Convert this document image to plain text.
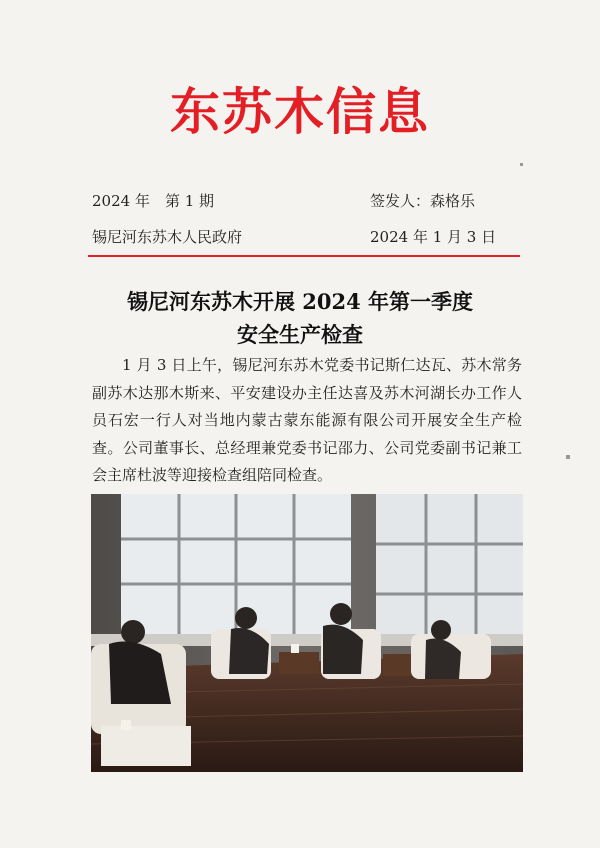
东苏木信息
2024 年　第 1 期	签发人：森格乐
锡尼河东苏木人民政府	2024 年 1 月 3 日
锡尼河东苏木开展 2024 年第一季度
安全生产检查
1 月 3 日上午，锡尼河东苏木党委书记斯仁达瓦、苏木常务副苏木达那木斯来、平安建设办主任达喜及苏木河湖长办工作人员石宏一行人对当地内蒙古蒙东能源有限公司开展安全生产检查。公司董事长、总经理兼党委书记邵力、公司党委副书记兼工会主席杜波等迎接检查组陪同检查。
